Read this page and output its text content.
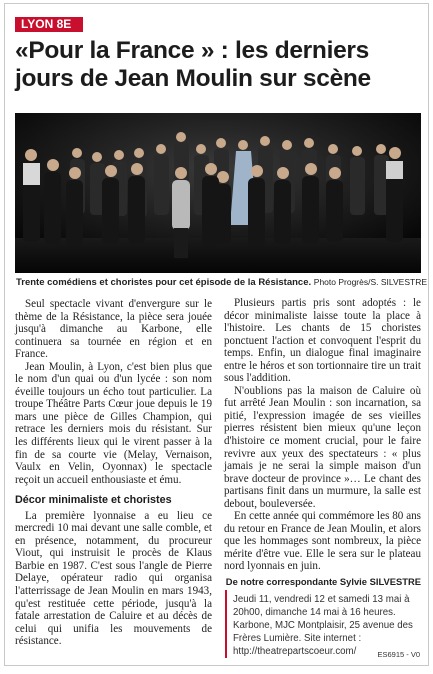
LYON 8E
«Pour la France » : les derniers jours de Jean Moulin sur scène
Trente comédiens et choristes pour cet épisode de la Résistance. Photo Progrès/S. SILVESTRE

Seul spectacle vivant d'envergure sur le thème de la Résistance, la pièce sera jouée jusqu'à dimanche au Karbone, elle continuera sa tournée en région et en France.

Jean Moulin, à Lyon, c'est bien plus que le nom d'un quai ou d'un lycée : son nom éveille toujours un écho tout particulier. La troupe Théâtre Parts Cœur joue depuis le 19 mars une pièce de Gilles Champion, qui retrace les derniers mois du résistant. Sur les différents lieux qui le virent passer à la fin de sa courte vie (Melay, Vernaison, Vaulx en Velin, Oyonnax) le spectacle reçoit un accueil enthousiaste et ému.

Décor minimaliste et choristes

La première lyonnaise a eu lieu ce mercredi 10 mai devant une salle comble, et en présence, notamment, du procureur Viout, qui instruisit le procès de Klaus Barbie en 1987. C'est sous l'angle de Pierre Delaye, opérateur radio qui organisa l'atterrissage de Jean Moulin en mars 1943, qu'est restituée cette période, jusqu'à la fatale arrestation de Caluire et au décès de celui qui unifia les mouvements de résistance.

Plusieurs partis pris sont adoptés : le décor minimaliste laisse toute la place à l'histoire. Les chants de 15 choristes ponctuent l'action et convoquent l'esprit du temps. Enfin, un dialogue final imaginaire entre le héros et son tortionnaire tire un trait sous l'addition.

N'oublions pas la maison de Caluire où fut arrêté Jean Moulin : son incarnation, sa pitié, l'expression imagée de ses vieilles pierres résistent bien mieux qu'une leçon d'histoire ce moment crucial, pour le faire revivre aux yeux des spectateurs : « plus jamais je ne serai la simple maison d'un brave docteur de province »… Le chant des partisans finit dans un murmure, la salle est debout, bouleversée.

En cette année qui commémore les 80 ans du retour en France de Jean Moulin, et alors que les hommages sont nombreux, la pièce mérite d'être vue. Elle le sera sur le plateau nord lyonnais en juin.

De notre correspondante Sylvie SILVESTRE
Jeudi 11, vendredi 12 et samedi 13 mai à 20h00, dimanche 14 mai à 16 heures. Karbone, MJC Montplaisir, 25 avenue des Frères Lumière. Site internet : http://theatrepartscoeur.com/	ES6915 - V0
